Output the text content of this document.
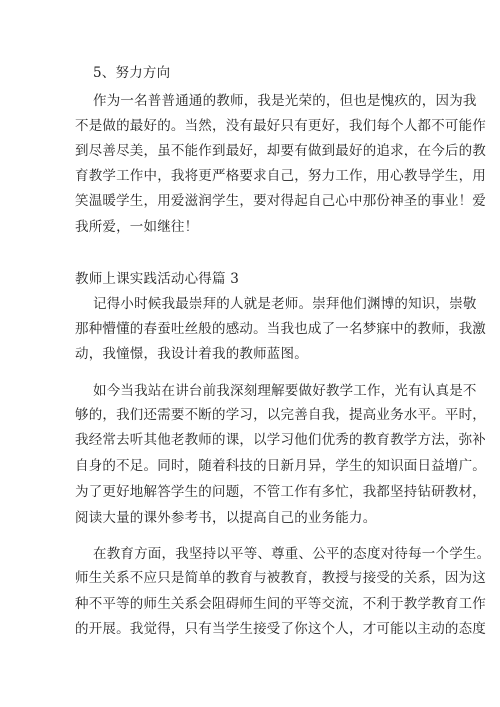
5、努力方向
作为一名普普通通的教师，我是光荣的，但也是愧疚的，因为我
不是做的最好的。当然，没有最好只有更好，我们每个人都不可能作
到尽善尽美，虽不能作到最好，却要有做到最好的追求，在今后的教
育教学工作中，我将更严格要求自己，努力工作，用心教导学生，用
笑温暖学生，用爱滋润学生，要对得起自己心中那份神圣的事业！爱
我所爱，一如继往！
教师上课实践活动心得篇 3
记得小时候我最崇拜的人就是老师。崇拜他们渊博的知识，崇敬
那种懵懂的春蚕吐丝般的感动。当我也成了一名梦寐中的教师，我激
动，我憧憬，我设计着我的教师蓝图。
如今当我站在讲台前我深刻理解要做好教学工作，光有认真是不
够的，我们还需要不断的学习，以完善自我，提高业务水平。平时，
我经常去听其他老教师的课，以学习他们优秀的教育教学方法，弥补
自身的不足。同时，随着科技的日新月异，学生的知识面日益增广。
为了更好地解答学生的问题，不管工作有多忙，我都坚持钻研教材，
阅读大量的课外参考书，以提高自己的业务能力。
在教育方面，我坚持以平等、尊重、公平的态度对待每一个学生。
师生关系不应只是简单的教育与被教育，教授与接受的关系，因为这
种不平等的师生关系会阻碍师生间的平等交流，不利于教学教育工作
的开展。我觉得，只有当学生接受了你这个人，才可能以主动的态度
